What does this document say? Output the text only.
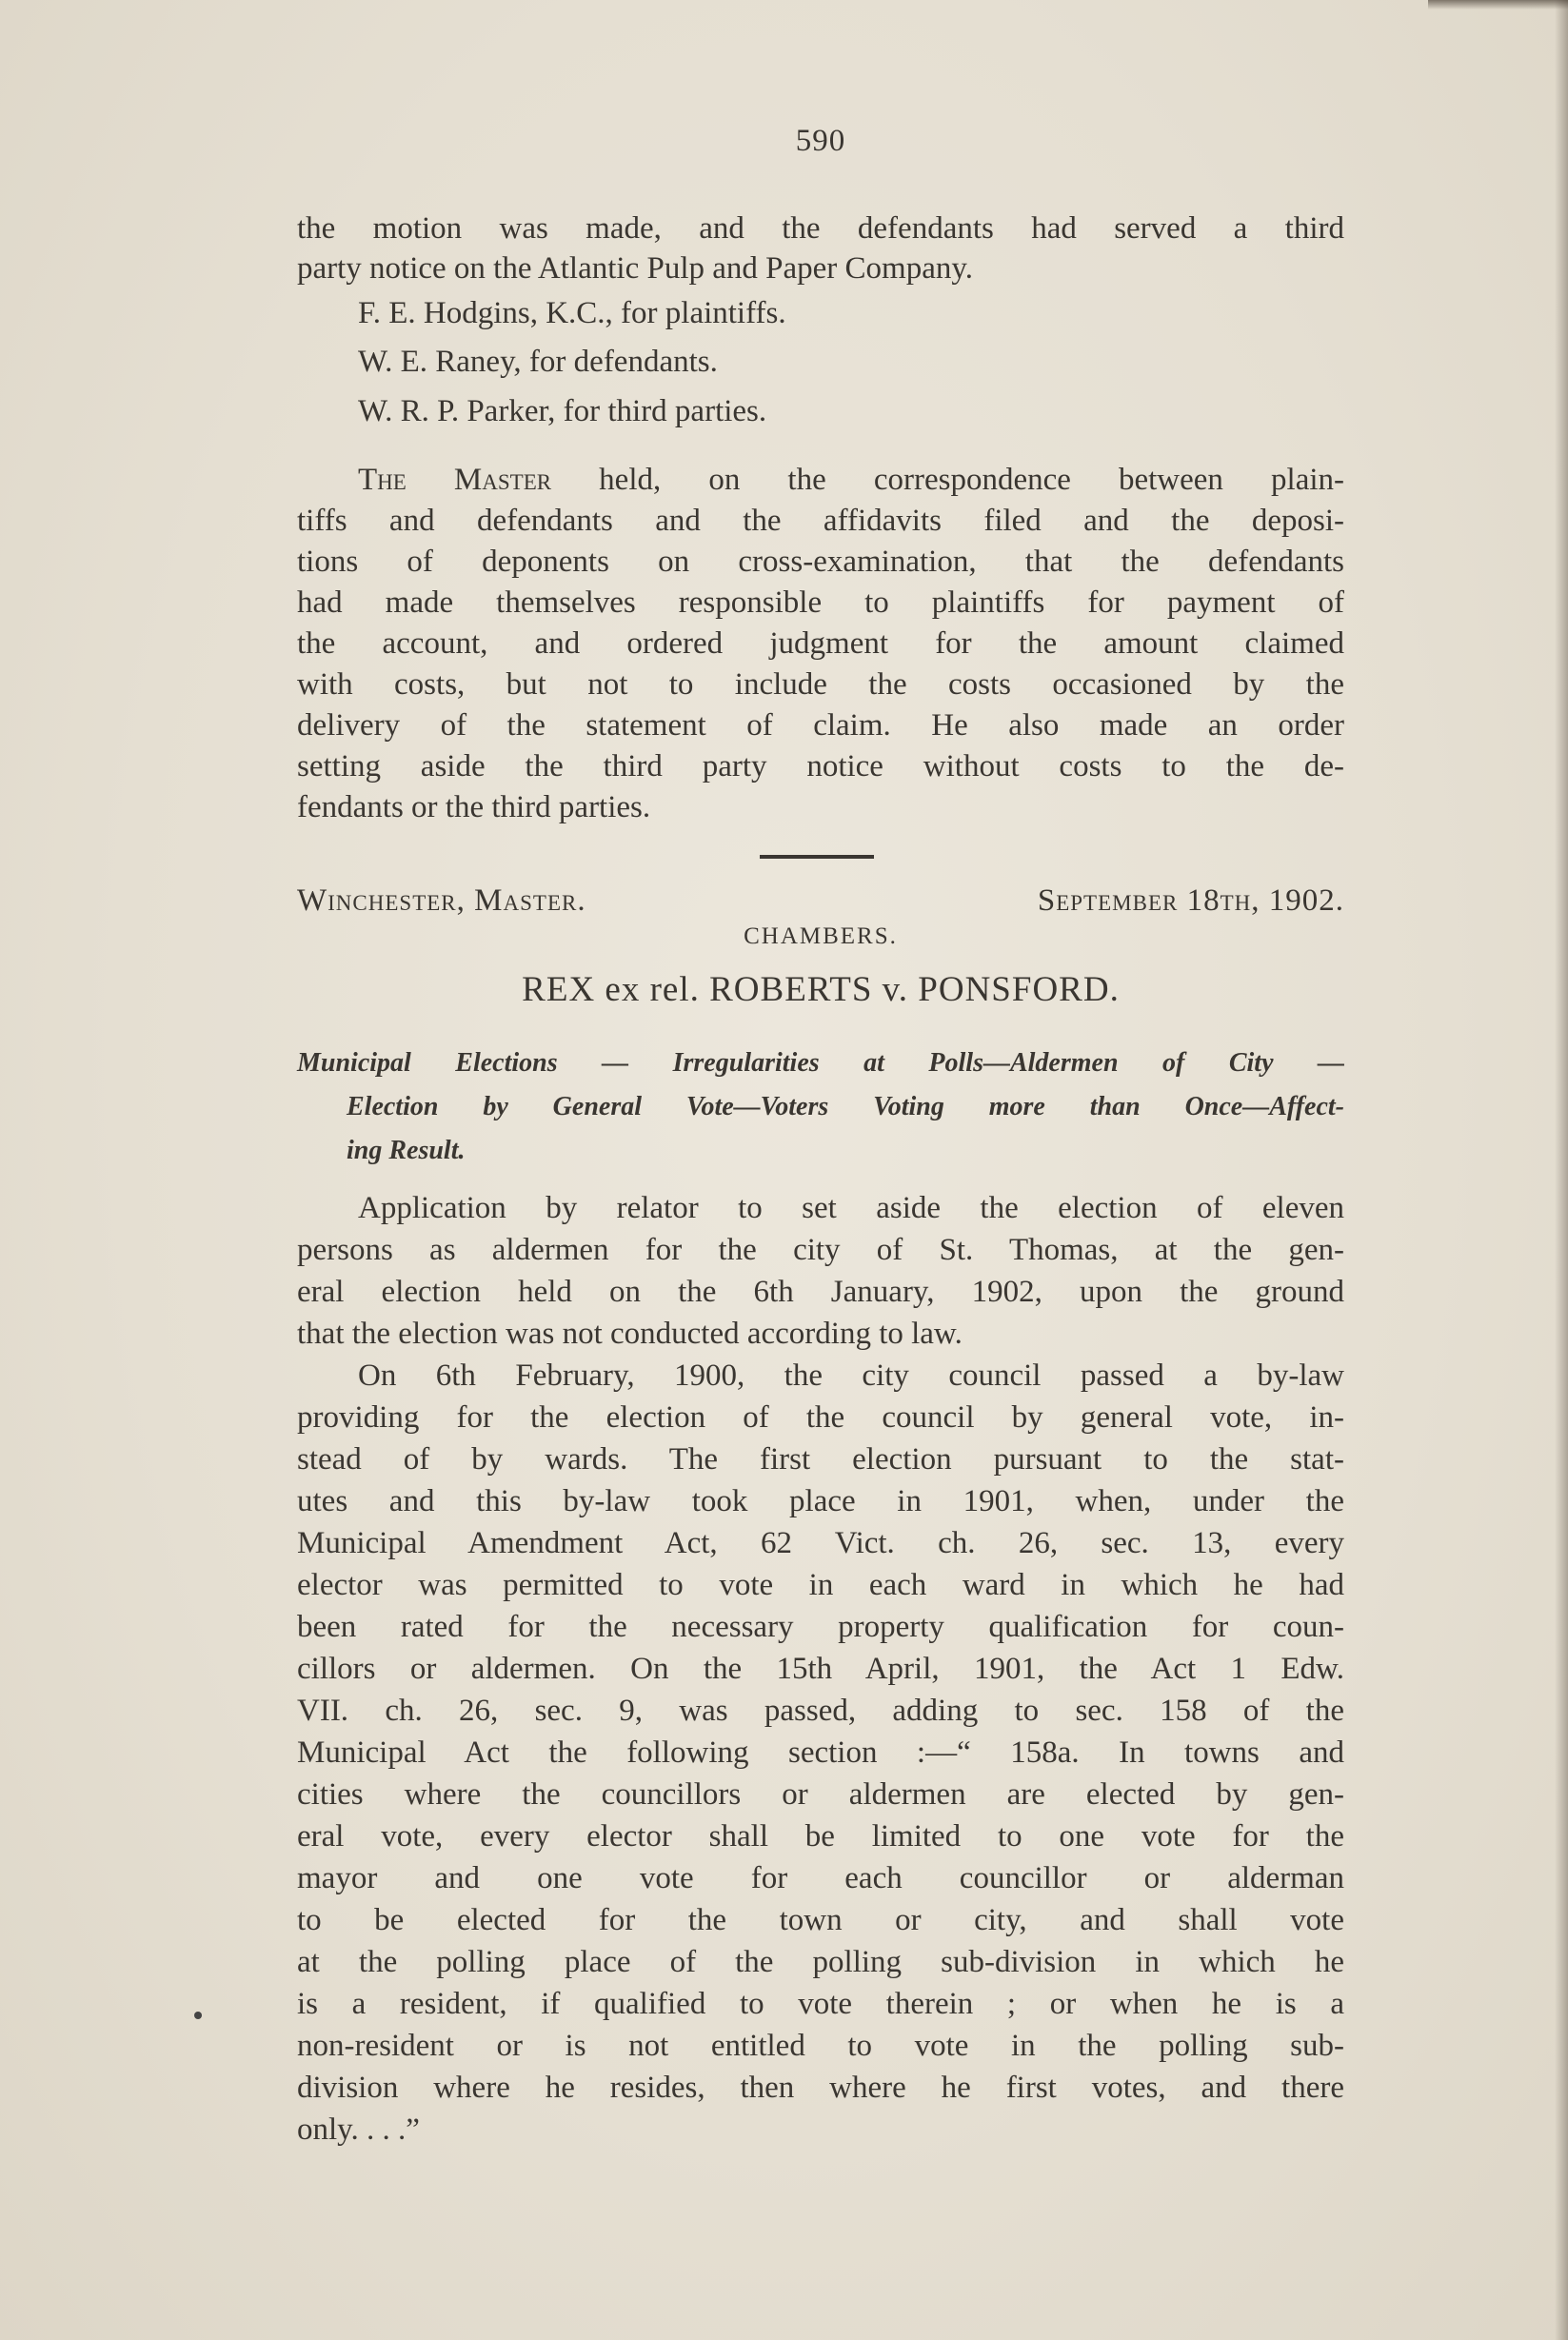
590
the motion was made, and the defendants had served a third
party notice on the Atlantic Pulp and Paper Company.
F. E. Hodgins, K.C., for plaintiffs.
W. E. Raney, for defendants.
W. R. P. Parker, for third parties.
The Master held, on the correspondence between plain-
tiffs and defendants and the affidavits filed and the deposi-
tions of deponents on cross-examination, that the defendants
had made themselves responsible to plaintiffs for payment of
the account, and ordered judgment for the amount claimed
with costs, but not to include the costs occasioned by the
delivery of the statement of claim. He also made an order
setting aside the third party notice without costs to the de-
fendants or the third parties.
Winchester, Master.	September 18th, 1902.
CHAMBERS.
REX ex rel. ROBERTS v. PONSFORD.
Municipal Elections — Irregularities at Polls—Aldermen of City —
Election by General Vote—Voters Voting more than Once—Affect-
ing Result.
Application by relator to set aside the election of eleven
persons as aldermen for the city of St. Thomas, at the gen-
eral election held on the 6th January, 1902, upon the ground
that the election was not conducted according to law.
On 6th February, 1900, the city council passed a by-law
providing for the election of the council by general vote, in-
stead of by wards. The first election pursuant to the stat-
utes and this by-law took place in 1901, when, under the
Municipal Amendment Act, 62 Vict. ch. 26, sec. 13, every
elector was permitted to vote in each ward in which he had
been rated for the necessary property qualification for coun-
cillors or aldermen. On the 15th April, 1901, the Act 1 Edw.
VII. ch. 26, sec. 9, was passed, adding to sec. 158 of the
Municipal Act the following section :—“ 158a. In towns and
cities where the councillors or aldermen are elected by gen-
eral vote, every elector shall be limited to one vote for the
mayor and one vote for each councillor or alderman
to be elected for the town or city, and shall vote
at the polling place of the polling sub-division in which he
is a resident, if qualified to vote therein ; or when he is a
non-resident or is not entitled to vote in the polling sub-
division where he resides, then where he first votes, and there
only. . . .”
